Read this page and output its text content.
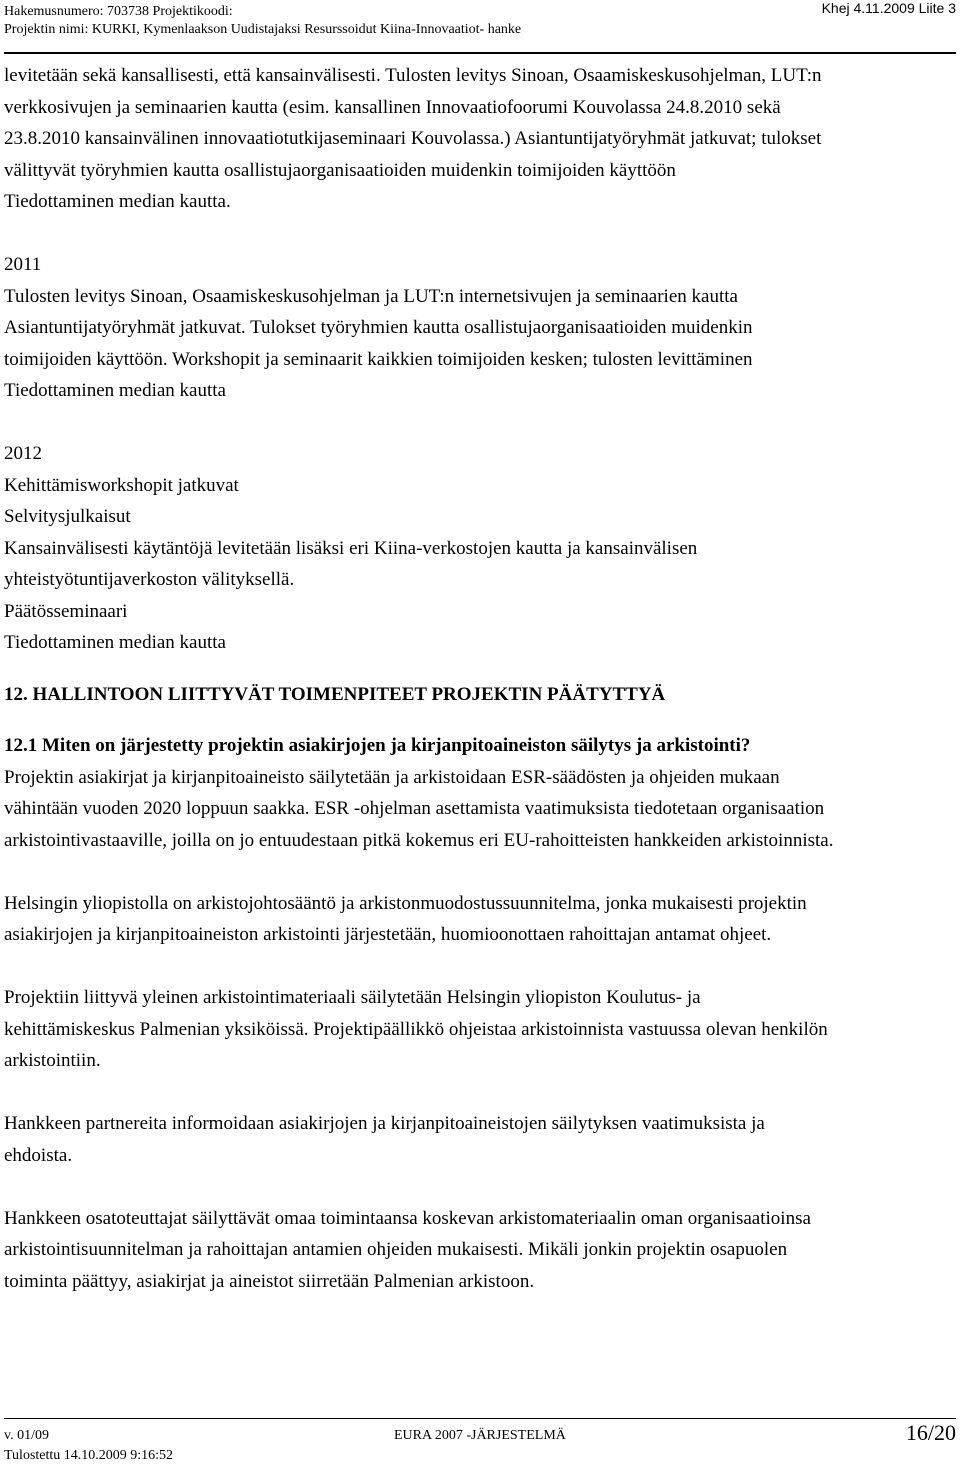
Hakemusnumero: 703738 Projektikoodi:
Projektin nimi: KURKI, Kymenlaakson Uudistajaksi Resurssoidut Kiina-Innovaatiot- hanke
Khej 4.11.2009 Liite 3

levitetään sekä kansallisesti, että kansainvälisesti. Tulosten levitys Sinoan, Osaamiskeskusohjelman, LUT:n

verkkosivujen ja seminaarien kautta (esim. kansallinen Innovaatiofoorumi Kouvolassa 24.8.2010 sekä

23.8.2010 kansainvälinen innovaatiotutkijaseminaari Kouvolassa.) Asiantuntijatyöryhmät jatkuvat; tulokset

välittyvät työryhmien kautta osallistujaorganisaatioiden muidenkin toimijoiden käyttöön

Tiedottaminen median kautta.

2011

Tulosten levitys Sinoan, Osaamiskeskusohjelman ja LUT:n internetsivujen ja seminaarien kautta

Asiantuntijatyöryhmät jatkuvat. Tulokset työryhmien kautta osallistujaorganisaatioiden muidenkin

toimijoiden käyttöön. Workshopit ja seminaarit kaikkien toimijoiden kesken; tulosten levittäminen

Tiedottaminen median kautta

2012

Kehittämisworkshopit jatkuvat

Selvitysjulkaisut

Kansainvälisesti käytäntöjä levitetään lisäksi eri Kiina-verkostojen kautta ja kansainvälisen

yhteistyötuntijaverkoston välityksellä.

Päätösseminaari

Tiedottaminen median kautta

12. HALLINTOON LIITTYVÄT TOIMENPITEET PROJEKTIN PÄÄTYTTYÄ
12.1 Miten on järjestetty projektin asiakirjojen ja kirjanpitoaineiston säilytys ja arkistointi?

Projektin asiakirjat ja kirjanpitoaineisto säilytetään ja arkistoidaan ESR-säädösten ja ohjeiden mukaan

vähintään vuoden 2020 loppuun saakka. ESR -ohjelman asettamista vaatimuksista tiedotetaan organisaation

arkistointivastaaville, joilla on jo entuudestaan pitkä kokemus eri EU-rahoitteisten hankkeiden arkistoinnista.

Helsingin yliopistolla on arkistojohtosääntö ja arkistonmuodostussuunnitelma, jonka mukaisesti projektin

asiakirjojen ja kirjanpitoaineiston arkistointi järjestetään, huomioonottaen rahoittajan antamat ohjeet.

Projektiin liittyvä yleinen arkistointimateriaali säilytetään Helsingin yliopiston Koulutus- ja

kehittämiskeskus Palmenian yksiköissä. Projektipäällikkö ohjeistaa arkistoinnista vastuussa olevan henkilön

arkistointiin.

Hankkeen partnereita informoidaan asiakirjojen ja kirjanpitoaineistojen säilytyksen vaatimuksista ja

ehdoista.

Hankkeen osatoteuttajat säilyttävät omaa toimintaansa koskevan arkistomateriaalin oman organisaatioinsa

arkistointisuunnitelman ja rahoittajan antamien ohjeiden mukaisesti. Mikäli jonkin projektin osapuolen

toiminta päättyy, asiakirjat ja aineistot siirretään Palmenian arkistoon.

v. 01/09	EURA 2007 -JÄRJESTELMÄ	16/20
Tulostettu 14.10.2009 9:16:52
